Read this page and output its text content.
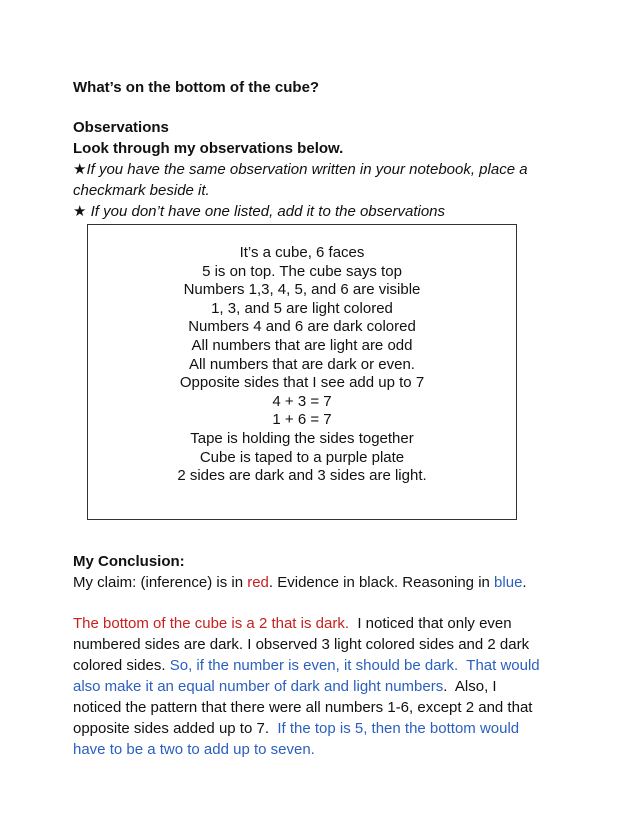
What’s on the bottom of the cube?
Observations
Look through my observations below.
★If you have the same observation written in your notebook, place a
checkmark beside it.
★ If you don’t have one listed, add it to the observations
It’s a cube, 6 faces
5 is on top. The cube says top
Numbers 1,3, 4, 5, and 6 are visible
1, 3, and 5 are light colored
Numbers 4 and 6 are dark colored
All numbers that are light are odd
All numbers that are dark or even.
Opposite sides that I see add up to 7
4 + 3 = 7
1 + 6 = 7
Tape is holding the sides together
Cube is taped to a purple plate
2 sides are dark and 3 sides are light.
My Conclusion:
My claim: (inference) is in red. Evidence in black. Reasoning in blue.
The bottom of the cube is a 2 that is dark.  I noticed that only even
numbered sides are dark. I observed 3 light colored sides and 2 dark
colored sides. So, if the number is even, it should be dark.  That would
also make it an equal number of dark and light numbers.  Also, I
noticed the pattern that there were all numbers 1-6, except 2 and that
opposite sides added up to 7.  If the top is 5, then the bottom would
have to be a two to add up to seven.
